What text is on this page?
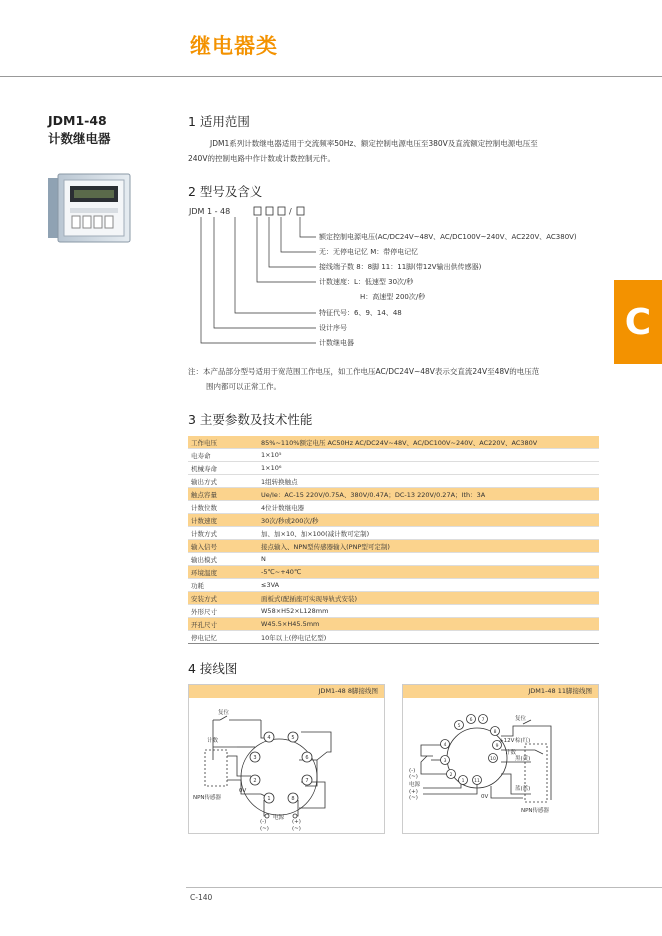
继电器类
JDM1-48
计数继电器
C
1 适用范围
JDM1系列计数继电器适用于交流频率50Hz、额定控制电源电压至380V及直流额定控制电源电压至
240V的控制电路中作计数或计数控制元件。
2 型号及含义
JDM 1 - 48	/
额定控制电源电压(AC/DC24V~48V、AC/DC100V~240V、AC220V、AC380V)
无：无停电记忆 M：带停电记忆
接线端子数 8：8脚 11：11脚(带12V输出供传感器)
计数速度：L：低速型 30次/秒
H：高速型 200次/秒
特征代号：6、9、14、48
设计序号
计数继电器
注：本产品部分型号适用于宽范围工作电压，如工作电压AC/DC24V~48V表示交直流24V至48V的电压范
围内都可以正常工作。
3 主要参数及技术性能
工作电压	85%~110%额定电压 AC50Hz AC/DC24V~48V、AC/DC100V~240V、AC220V、AC380V
电寿命	1×10⁵
机械寿命	1×10⁶
输出方式	1组转换触点
触点容量	Ue/Ie：AC-15 220V/0.75A、380V/0.47A；DC-13 220V/0.27A；Ith：3A
计数位数	4位计数继电器
计数速度	30次/秒或200次/秒
计数方式	加、加×10、加×100(减计数可定制)
输入信号	接点输入、NPN型传感器输入(PNP型可定制)
输出模式	N
环境温度	-5℃~+40℃
功耗	≤3VA
安装方式	面板式(配插座可实现导轨式安装)
外形尺寸	W58×H52×L128mm
开孔尺寸	W45.5×H45.5mm
停电记忆	10年以上(停电记忆型)
4 接线图
JDM1-48 8脚接线图
4	5
3	6
2	7
1	8
复位
计数
0V
NPN传感器
电源
(-)
(~)
(+)
(~)
JDM1-48 11脚接线图
6 7
5
4
3
2
1 11
8
9
10
复位
+12V 棕(红)
计数
黑(黄)
蓝(蓝)
0V
NPN传感器
(-)
(~)
电源
(+)
(~)
C-140
